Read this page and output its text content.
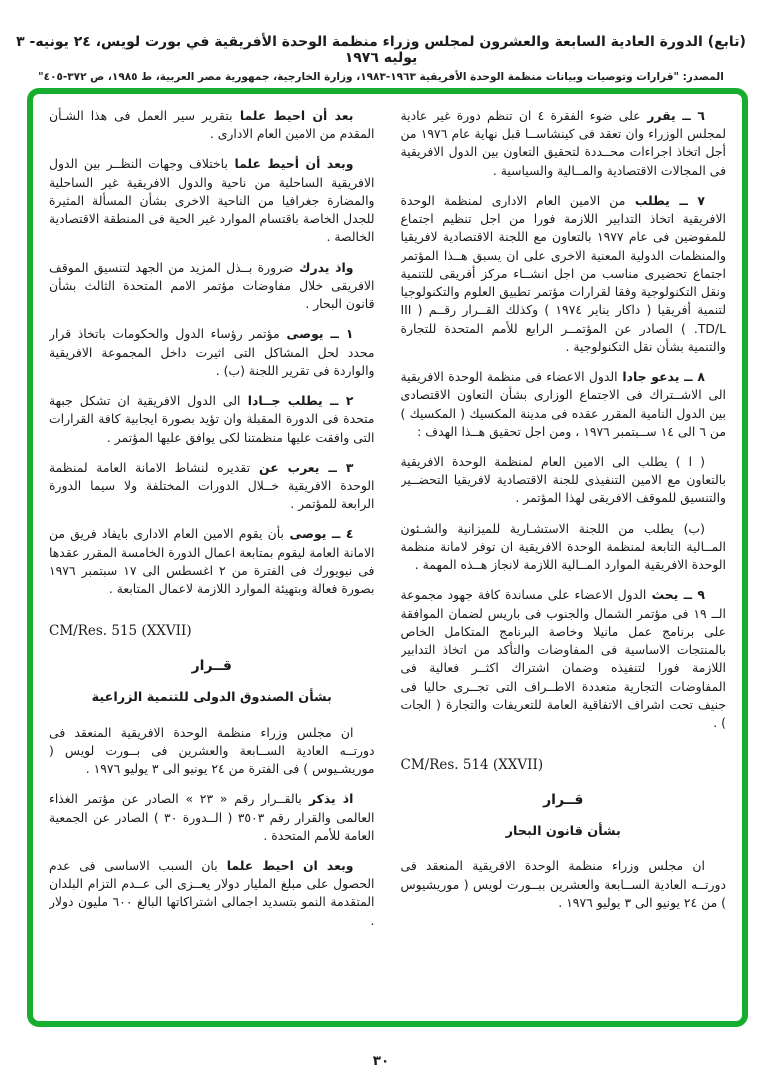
(تابع) الدورة العادية السابعة والعشرون لمجلس وزراء منظمة الوحدة الأفريقية في بورت لويس، ٢٤ يونيه- ٣ يوليه ١٩٧٦
المصدر: "قرارات وتوصيات وبيانات منظمة الوحدة الأفريقية ١٩٦٣-١٩٨٣، وزارة الخارجية، جمهورية مصر العربية، ط ١٩٨٥، ص ٣٧٢-٤٠٥"
٦ ــ يقرر على ضوء الفقرة ٤ ان تنظم دورة غير عادية لمجلس الوزراء وان تعقد فى كينشاســا قبل نهاية عام ١٩٧٦ من أجل اتخاذ اجراءات محــددة لتحقيق التعاون بين الدول الافريقية فى المجالات الاقتصادية والمــالية والسياسية .
٧ ــ يطلب من الامين العام الادارى لمنظمة الوحدة الافريقية اتخاذ التدابير اللازمة فورا من اجل تنظيم اجتماع للمفوضين فى عام ١٩٧٧ بالتعاون مع اللجنة الاقتصادية لافريقيا والمنظمات الدولية المعنية الاخرى على ان يسبق هــذا المؤتمر اجتماع تحضيرى مناسب من اجل انشــاء مركز أفريقى للتنمية ونقل التكنولوجية وفقا لقرارات مؤتمر تطبيق العلوم والتكنولوجيا لتنمية أفريقيا ( داكار يناير ١٩٧٤ ) وكذلك القــرار رقــم ( III TD/L. ) الصادر عن المؤتمــر الرابع للأمم المتحدة للتجارة والتنمية بشأن نقل التكنولوجية .
٨ ــ يدعو جادا الدول الاعضاء فى منظمة الوحدة الافريقية الى الاشــتراك فى الاجتماع الوزارى بشأن التعاون الاقتصادى بين الدول النامية المقرر عقده فى مدينة المكسيك ( المكسيك ) من ٦ الى ١٤ ســبتمبر ١٩٧٦ ، ومن اجل تحقيق هــذا الهدف :
( ا ) يطلب الى الامين العام لمنظمة الوحدة الافريقية بالتعاون مع الامين التنفيذى للجنة الاقتصادية لافريقيا التحضــير والتنسيق للموقف الافريقى لهذا المؤتمر .
(ب) يطلب من اللجنة الاستشـارية للميزانية والشـئون المــالية التابعة لمنظمة الوحدة الافريقية ان توفر لامانة منظمة الوحدة الافريقية الموارد المــالية اللازمة لانجاز هــذه المهمة .
٩ ــ يحث الدول الاعضاء على مساندة كافة جهود مجموعة الــ ١٩ فى مؤتمر الشمال والجنوب فى باريس لضمان الموافقة على برنامج عمل مانيلا وخاصة البرنامج المتكامل الخاص بالمنتجات الاساسية فى المفاوضات والتأكد من اتخاذ التدابير اللازمة فورا لتنفيذه وضمان اشتراك اكثــر فعالية فى المفاوضات التجارية متعددة الاطــراف التى تجــرى حاليا فى جنيف تحت اشراف الاتفاقية العامة للتعريفات والتجارة ( الجات ) .
CM/Res. 514 (XXVII)
قــرار
بشأن قانون البحار
ان مجلس وزراء منظمة الوحدة الافريقية المنعقد فى دورتــه العادية الســابعة والعشرين ببــورت لويس ( موريشيوس ) من ٢٤ يونيو الى ٣ يوليو ١٩٧٦ .
بعد أن احيط علما بتقرير سير العمل فى هذا الشـأن المقدم من الامين العام الادارى .
وبعد أن أحيط علما باختلاف وجهات النظــر بين الدول الافريقية الساحلية من ناحية والدول الافريقية غير الساحلية والمضارة جغرافيا من الناحية الاخرى بشأن المسألة المثيرة للجدل الخاصة باقتسام الموارد غير الحية فى المنطقة الاقتصادية الخالصة .
واذ يدرك ضرورة بــذل المزيد من الجهد لتنسيق الموقف الافريقى خلال مفاوضات مؤتمر الامم المتحدة الثالث بشأن قانون البحار .
١ ــ يوصى مؤتمر رؤساء الدول والحكومات باتخاذ قرار محدد لحل المشاكل التى اثيرت داخل المجموعة الافريقية والواردة فى تقرير اللجنة (ب) .
٢ ــ يطلب جــادا الى الدول الافريقية ان تشكل جبهة متحدة فى الدورة المقبلة وان تؤيد بصورة ايجابية كافة القرارات التى وافقت عليها منظمتنا لكى يوافق عليها المؤتمر .
٣ ــ يعرب عن تقديره لنشاط الامانة العامة لمنظمة الوحدة الافريقية خــلال الدورات المختلفة ولا سيما الدورة الرابعة للمؤتمر .
٤ ــ يوصى بأن يقوم الامين العام الادارى بايفاد فريق من الامانة العامة ليقوم بمتابعة اعمال الدورة الخامسة المقرر عقدها فى نيويورك فى الفترة من ٢ اغسطس الى ١٧ سبتمبر ١٩٧٦ بصورة فعالة وبتهيئة الموارد اللازمة لاعمال المتابعة .
CM/Res. 515 (XXVII)
قــرار
بشأن الصندوق الدولى للتنمية الزراعية
ان مجلس وزراء منظمة الوحدة الافريقية المنعقد فى دورتــه العادية الســابعة والعشرين فى بــورت لويس ( موريشـيوس ) فى الفترة من ٢٤ يونيو الى ٣ يوليو ١٩٧٦ .
اذ يذكر بالقــرار رقم « ٢٣ » الصادر عن مؤتمر الغذاء العالمى والقرار رقم ٣٥٠٣ ( الــدورة ٣٠ ) الصادر عن الجمعية العامة للأمم المتحدة .
وبعد ان احيط علما بان السبب الاساسى فى عدم الحصول على مبلغ المليار دولار يعــزى الى عــدم التزام البلدان المتقدمة النمو بتسديد اجمالى اشتراكاتها البالغ ٦٠٠ مليون دولار .
٣٠
